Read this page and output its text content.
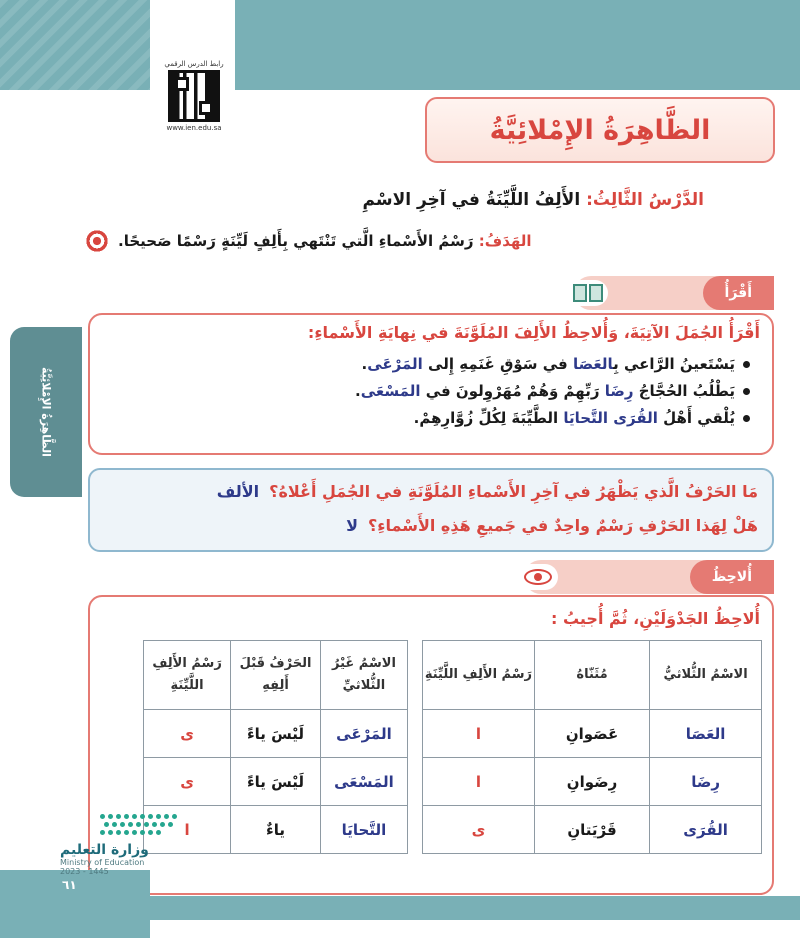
رابط الدرس الرقمي
www.ien.edu.sa	الظَّاهِرَةُ الإِمْلائِيَّةُ
الدَّرْسُ الثَّالِثُ: الأَلِفُ اللَّيِّنَةُ في آخِرِ الاسْمِ
الهَدَفُ: رَسْمُ الأَسْماءِ الَّتي تَنْتَهي بِأَلِفٍ لَيِّنَةٍ رَسْمًا صَحيحًا.
أَقْرَأُ
أَقْرَأُ الجُمَلَ الآتِيَةَ، وَأُلاحِظُ الأَلِفَ المُلَوَّنَةَ في نِهايَةِ الأَسْماءِ:
يَسْتَعينُ الرَّاعي بِالعَصَا في سَوْقِ غَنَمِهِ إِلى المَرْعَى.
يَطْلُبُ الحُجَّاجُ رِضَا رَبِّهِمْ وَهُمْ مُهَرْوِلونَ في المَسْعَى.
يُلْقي أَهْلُ القُرَى التَّحايَا الطَّيِّبَةَ لِكُلِّ زُوَّارِهِمْ.
مَا الحَرْفُ الَّذي يَظْهَرُ في آخِرِ الأَسْماءِ المُلَوَّنَةِ في الجُمَلِ أَعْلاهُ؟الألف
هَلْ لِهَذا الحَرْفِ رَسْمٌ واحِدٌ في جَميعِ هَذِهِ الأَسْماءِ؟لا
أُلاحِظُ
أُلاحِظُ الجَدْوَلَيْنِ، ثُمَّ أُجيبُ :
الاسْمُ الثُّلاثيُّ	مُثَنّاهُ	رَسْمُ الأَلِفِ اللَّيِّنَةِ
العَصَا	عَصَوانِ	ا
رِضَا	رِضَوانِ	ا
القُرَى	قَرْيَتانِ	ى
الاسْمُ غَيْرُ الثُّلاثيِّ	الحَرْفُ قَبْلَ أَلِفِهِ	رَسْمُ الأَلِفِ اللَّيِّنَةِ
المَرْعَى	لَيْسَ ياءً	ى
المَسْعَى	لَيْسَ ياءً	ى
التَّحايَا	ياءٌ	ا
الظَّاهِرَةُ الإِمْلائِيَّةُ
وزارة التعليم
Ministry of Education
2023 - 1445
٦١
